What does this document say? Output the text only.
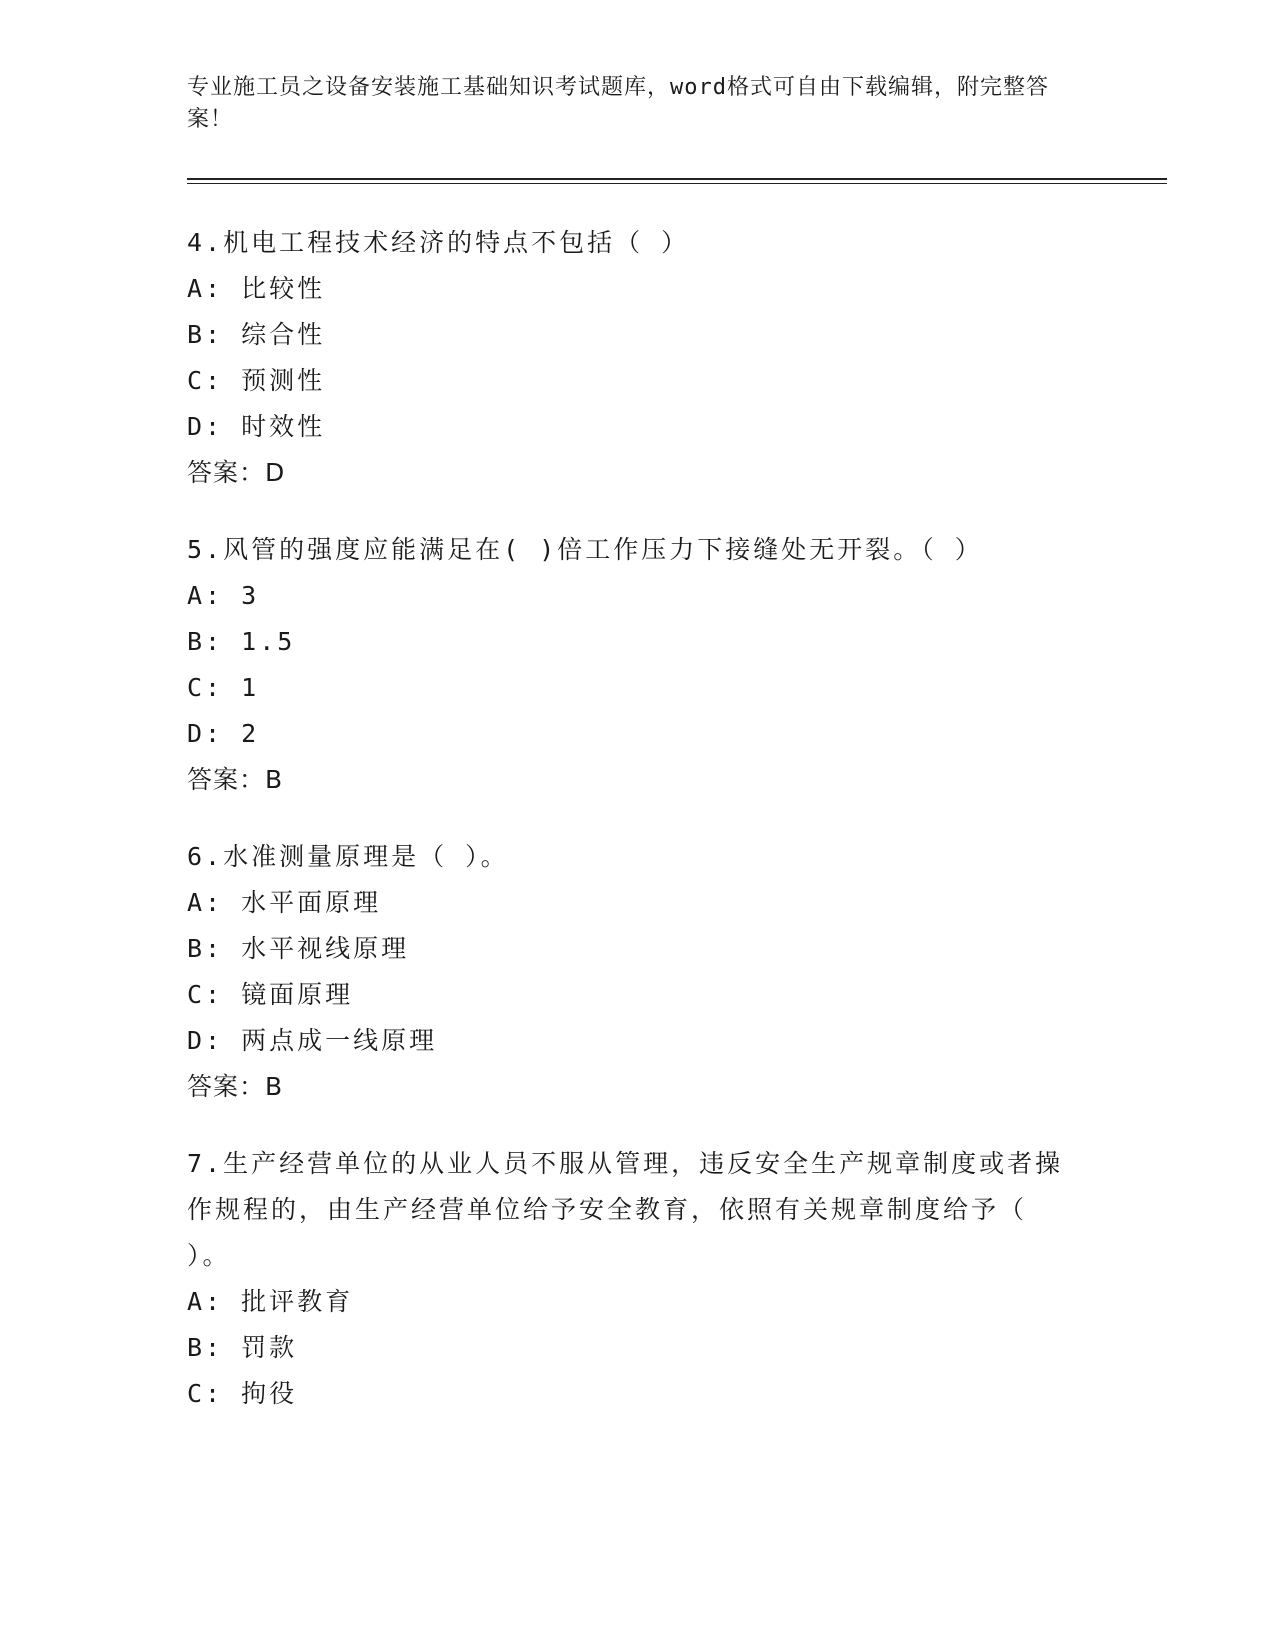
专业施工员之设备安装施工基础知识考试题库，word格式可自由下载编辑，附完整答案！
4.机电工程技术经济的特点不包括（ ）
A: 比较性
B: 综合性
C: 预测性
D: 时效性
答案：D
5.风管的强度应能满足在( )倍工作压力下接缝处无开裂。（ ）
A: 3
B: 1.5
C: 1
D: 2
答案：B
6.水准测量原理是（ ）。
A: 水平面原理
B: 水平视线原理
C: 镜面原理
D: 两点成一线原理
答案：B
7.生产经营单位的从业人员不服从管理，违反安全生产规章制度或者操作规程的，由生产经营单位给予安全教育，依照有关规章制度给予（ ）。
A: 批评教育
B: 罚款
C: 拘役
